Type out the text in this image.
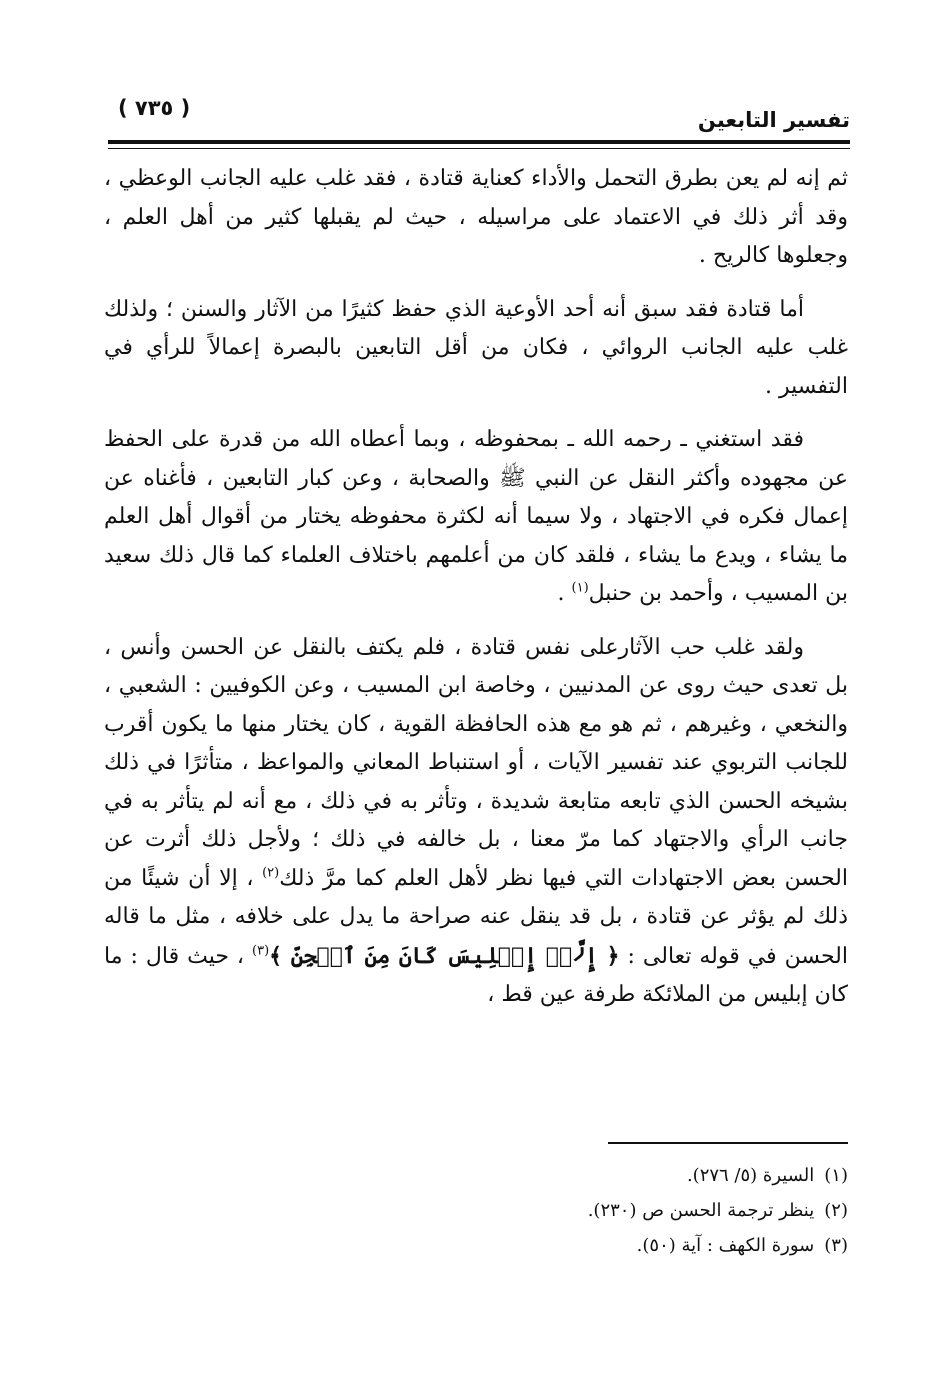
تفسير التابعين
( ٧٣٥ )

ثم إنه لم يعن بطرق التحمل والأداء كعناية قتادة ، فقد غلب عليه الجانب الوعظي ، وقد أثر ذلك في الاعتماد على مراسيله ، حيث لم يقبلها كثير من أهل العلم ، وجعلوها كالريح .

أما قتادة فقد سبق أنه أحد الأوعية الذي حفظ كثيرًا من الآثار والسنن ؛ ولذلك غلب عليه الجانب الروائي ، فكان من أقل التابعين بالبصرة إعمالاً للرأي في التفسير .

فقد استغني ـ رحمه الله ـ بمحفوظه ، وبما أعطاه الله من قدرة على الحفظ عن مجهوده وأكثر النقل عن النبي ﷺ والصحابة ، وعن كبار التابعين ، فأغناه عن إعمال فكره في الاجتهاد ، ولا سيما أنه لكثرة محفوظه يختار من أقوال أهل العلم ما يشاء ، ويدع ما يشاء ، فلقد كان من أعلمهم باختلاف العلماء كما قال ذلك سعيد بن المسيب ، وأحمد بن حنبل$^{(١)}$ .

ولقد غلب حب الآثارعلى نفس قتادة ، فلم يكتف بالنقل عن الحسن وأنس ، بل تعدى حيث روى عن المدنيين ، وخاصة ابن المسيب ، وعن الكوفيين : الشعبي ، والنخعي ، وغيرهم ، ثم هو مع هذه الحافظة القوية ، كان يختار منها ما يكون أقرب للجانب التربوي عند تفسير الآيات ، أو استنباط المعاني والمواعظ ، متأثرًا في ذلك بشيخه الحسن الذي تابعه متابعة شديدة ، وتأثر به في ذلك ، مع أنه لم يتأثر به في جانب الرأي والاجتهاد كما مرّ معنا ، بل خالفه في ذلك ؛ ولأجل ذلك أثرت عن الحسن بعض الاجتهادات التي فيها نظر لأهل العلم كما مرَّ ذلك$^{(٢)}$ ، إلا أن شيئًا من ذلك لم يؤثر عن قتادة ، بل قد ينقل عنه صراحة ما يدل على خلافه ، مثل ما قاله الحسن في قوله تعالى : ﴿ إِلَّاۤ إِبۡلِيسَ كَانَ مِنَ ٱلۡجِنِّ ﴾$^{(٣)}$ ، حيث قال : ما كان إبليس من الملائكة طرفة عين قط ،

(١)السيرة (٥/ ٢٧٦).
(٢)ينظر ترجمة الحسن ص (٢٣٠).
(٣)سورة الكهف : آية (٥٠).
